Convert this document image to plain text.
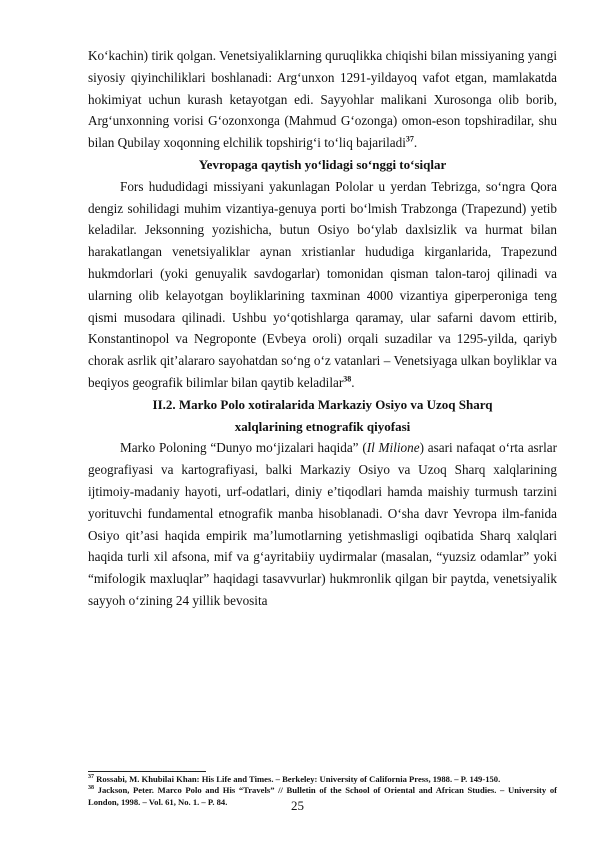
Ko‘kachin) tirik qolgan. Venetsiyaliklarning quruqlikka chiqishi bilan missiyaning yangi siyosiy qiyinchiliklari boshlanadi: Arg‘unxon 1291-yildayoq vafot etgan, mamlakatda hokimiyat uchun kurash ketayotgan edi. Sayyohlar malikani Xurosonga olib borib, Arg‘unxonning vorisi G‘ozonxonga (Mahmud G‘ozonga) omon-eson topshiradilar, shu bilan Qubilay xoqonning elchilik topshirig‘i to‘liq bajariladi$^{37}$.

Yevropaga qaytish yo‘lidagi so‘nggi to‘siqlar

Fors hududidagi missiyani yakunlagan Pololar u yerdan Tebrizga, so‘ngra Qora dengiz sohilidagi muhim vizantiya-genuya porti bo‘lmish Trabzonga (Trapezund) yetib keladilar. Jeksonning yozishicha, butun Osiyo bo‘ylab daxlsizlik va hurmat bilan harakatlangan venetsiyaliklar aynan xristianlar hududiga kirganlarida, Trapezund hukmdorlari (yoki genuyalik savdogarlar) tomonidan qisman talon-taroj qilinadi va ularning olib kelayotgan boyliklarining taxminan 4000 vizantiya giperperoniga teng qismi musodara qilinadi. Ushbu yo‘qotishlarga qaramay, ular safarni davom ettirib, Konstantinopol va Negroponte (Evbeya oroli) orqali suzadilar va 1295-yilda, qariyb chorak asrlik qit’alararo sayohatdan so‘ng o‘z vatanlari – Venetsiyaga ulkan boyliklar va beqiyos geografik bilimlar bilan qaytib keladilar$^{38}$.

II.2. Marko Polo xotiralarida Markaziy Osiyo va Uzoq Sharq

xalqlarining etnografik qiyofasi

Marko Poloning “Dunyo mo‘jizalari haqida” (Il Milione) asari nafaqat o‘rta asrlar geografiyasi va kartografiyasi, balki Markaziy Osiyo va Uzoq Sharq xalqlarining ijtimoiy-madaniy hayoti, urf-odatlari, diniy e’tiqodlari hamda maishiy turmush tarzini yorituvchi fundamental etnografik manba hisoblanadi. O‘sha davr Yevropa ilm-fanida Osiyo qit’asi haqida empirik ma’lumotlarning yetishmasligi oqibatida Sharq xalqlari haqida turli xil afsona, mif va g‘ayritabiiy uydirmalar (masalan, “yuzsiz odamlar” yoki “mifologik maxluqlar” haqidagi tasavvurlar) hukmronlik qilgan bir paytda, venetsiyalik sayyoh o‘zining 24 yillik bevosita

$^{37}$ Rossabi, M. Khubilai Khan: His Life and Times. – Berkeley: University of California Press, 1988. – P. 149-150.

$^{38}$ Jackson, Peter. Marco Polo and His “Travels” // Bulletin of the School of Oriental and African Studies. – University of London, 1998. – Vol. 61, No. 1. – P. 84.	25
